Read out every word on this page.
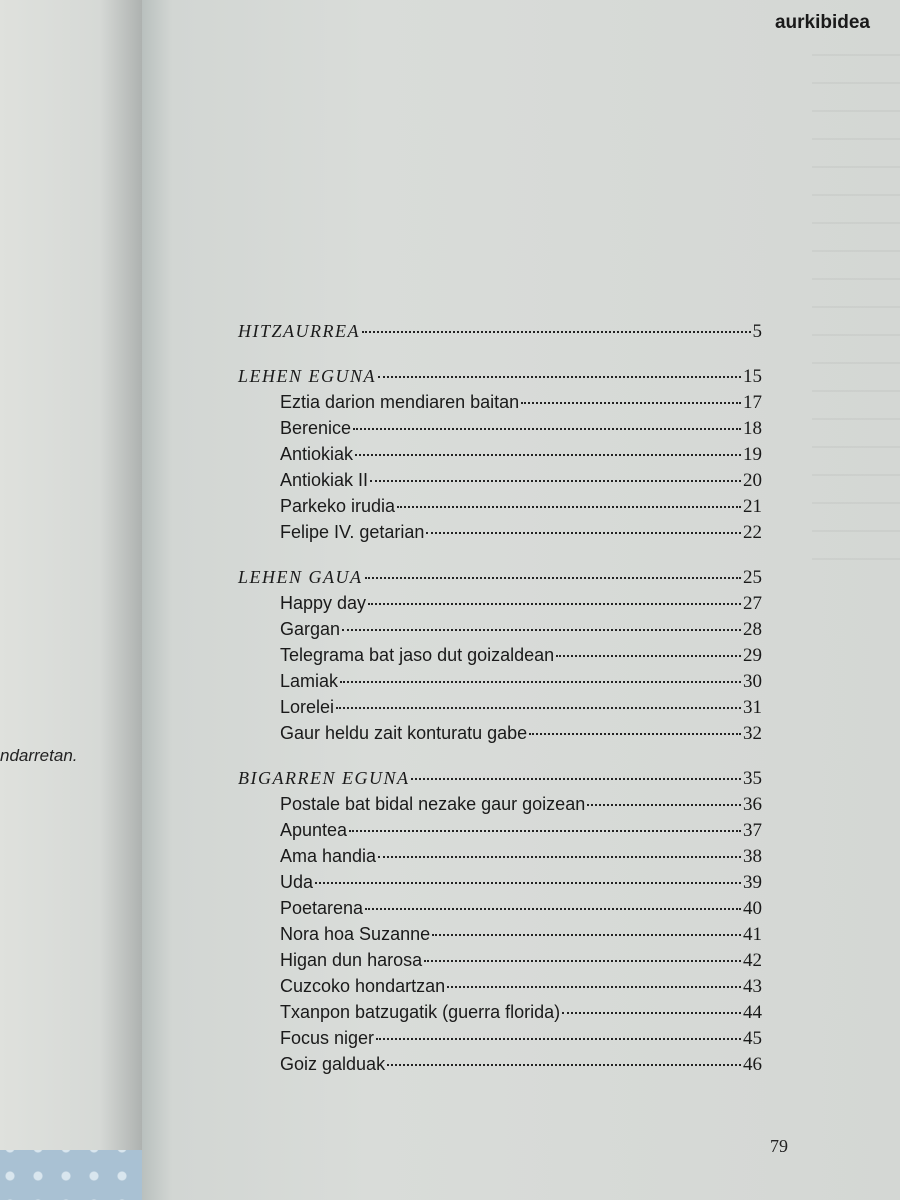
ndarretan.
aurkibidea
HITZAURREA	5
LEHEN EGUNA	15
Eztia darion mendiaren baitan	17
Berenice	18
Antiokiak	19
Antiokiak II	20
Parkeko irudia	21
Felipe IV. getarian	22
LEHEN GAUA	25
Happy day	27
Gargan	28
Telegrama bat jaso dut goizaldean	29
Lamiak	30
Lorelei	31
Gaur heldu zait konturatu gabe	32
BIGARREN EGUNA	35
Postale bat bidal nezake gaur goizean	36
Apuntea	37
Ama handia	38
Uda	39
Poetarena	40
Nora hoa Suzanne	41
Higan dun harosa	42
Cuzcoko hondartzan	43
Txanpon batzugatik (guerra florida)	44
Focus niger	45
Goiz galduak	46
79
